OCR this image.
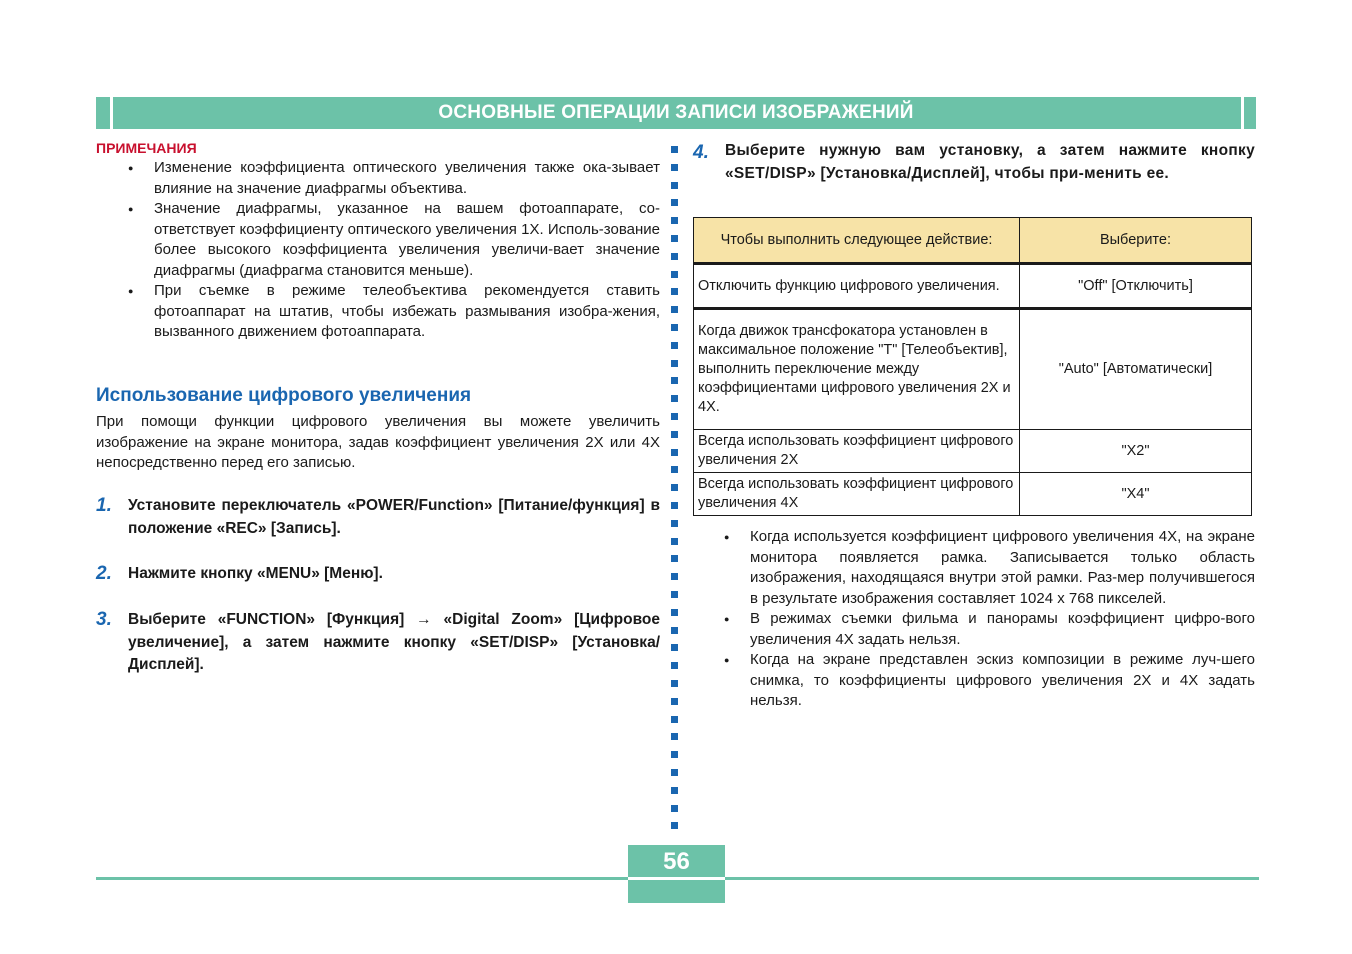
ОСНОВНЫЕ ОПЕРАЦИИ ЗАПИСИ ИЗОБРАЖЕНИЙ
ПРИМЕЧАНИЯ
● Изменение коэффициента оптического увеличения также ока-зывает влияние на значение диафрагмы объектива.
● Значение диафрагмы, указанное на вашем фотоаппарате, со-ответствует коэффициенту оптического увеличения 1X. Исполь-зование более высокого коэффициента увеличения увеличи-вает значение диафрагмы (диафрагма становится меньше).
● При съемке в режиме телеобъектива рекомендуется ставить фотоаппарат на штатив, чтобы избежать размывания изобра-жения, вызванного движением фотоаппарата.
Использование цифрового увеличения
При помощи функции цифрового увеличения вы можете увеличить изображение на экране монитора, задав коэффициент увеличения 2X или 4X непосредственно перед его записью.
1. Установите переключатель «POWER/Function» [Питание/функция] в положение «REC» [Запись].
2. Нажмите кнопку «MENU» [Меню].
3. Выберите «FUNCTION» [Функция] → «Digital Zoom» [Цифровое увеличение], а затем нажмите кнопку «SET/DISP» [Установка/Дисплей].
4. Выберите нужную вам установку, а затем нажмите кнопку «SET/DISP» [Установка/Дисплей], чтобы при-менить ее.
Чтобы выполнить следующее действие:	Выберите:
Отключить функцию цифрового увеличения.	"Off" [Отключить]
Когда движок трансфокатора установлен в максимальное положение "T" [Телеобъектив], выполнить переключение между коэффициентами цифрового увеличения 2X и 4X.	"Auto" [Автоматически]
Всегда использовать коэффициент цифрового увеличения 2X	"X2"
Всегда использовать коэффициент цифрового увеличения 4X	"X4"
● Когда используется коэффициент цифрового увеличения 4X, на экране монитора появляется рамка. Записывается только область изображения, находящаяся внутри этой рамки. Раз-мер получившегося в результате изображения составляет 1024 x 768 пикселей.
● В режимах съемки фильма и панорамы коэффициент цифро-вого увеличения 4X задать нельзя.
● Когда на экране представлен эскиз композиции в режиме луч-шего снимка, то коэффициенты цифрового увеличения 2X и 4X задать нельзя.
56
